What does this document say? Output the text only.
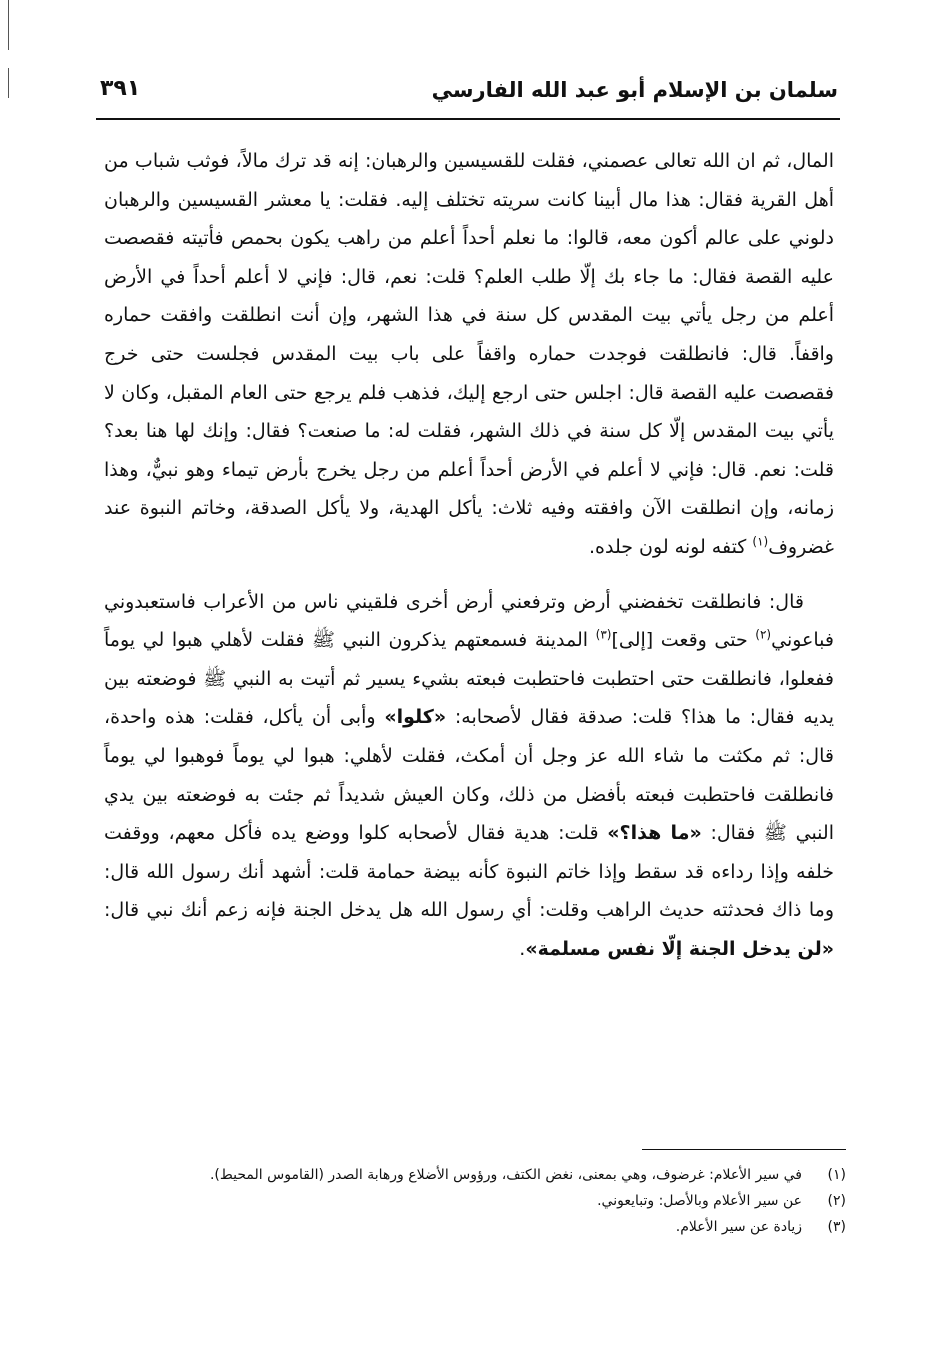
سلمان بن الإسلام أبو عبد الله الفارسي
٣٩١

المال، ثم ان الله تعالى عصمني، فقلت للقسيسين والرهبان: إنه قد ترك مالاً، فوثب شباب من أهل القرية فقال: هذا مال أبينا كانت سريته تختلف إليه. فقلت: يا معشر القسيسين والرهبان دلوني على عالم أكون معه، قالوا: ما نعلم أحداً أعلم من راهب يكون بحمص فأتيته فقصصت عليه القصة فقال: ما جاء بك إلّا طلب العلم؟ قلت: نعم، قال: فإني لا أعلم أحداً في الأرض أعلم من رجل يأتي بيت المقدس كل سنة في هذا الشهر، وإن أنت انطلقت وافقت حماره واقفاً. قال: فانطلقت فوجدت حماره واقفاً على باب بيت المقدس فجلست حتى خرج فقصصت عليه القصة قال: اجلس حتى ارجع إليك، فذهب فلم يرجع حتى العام المقبل، وكان لا يأتي بيت المقدس إلّا كل سنة في ذلك الشهر، فقلت له: ما صنعت؟ فقال: وإنك لها هنا بعد؟ قلت: نعم. قال: فإني لا أعلم في الأرض أحداً أعلم من رجل يخرج بأرض تيماء وهو نبيٌّ، وهذا زمانه، وإن انطلقت الآن وافقته وفيه ثلاث: يأكل الهدية، ولا يأكل الصدقة، وخاتم النبوة عند غضروف$^{(١)}$ كتفه لونه لون جلده.

قال: فانطلقت تخفضني أرض وترفعني أرض أخرى فلقيني ناس من الأعراب فاستعبدوني فباعوني$^{(٢)}$ حتى وقعت [إلى]$^{(٣)}$ المدينة فسمعتهم يذكرون النبي ﷺ فقلت لأهلي هبوا لي يوماً ففعلوا، فانطلقت حتى احتطبت فاحتطبت فبعته بشيء يسير ثم أتيت به النبي ﷺ فوضعته بين يديه فقال: ما هذا؟ قلت: صدقة فقال لأصحابه: «كلوا» وأبى أن يأكل، فقلت: هذه واحدة، قال: ثم مكثت ما شاء الله عز وجل أن أمكث، فقلت لأهلي: هبوا لي يوماً فوهبوا لي يوماً فانطلقت فاحتطبت فبعته بأفضل من ذلك، وكان العيش شديداً ثم جئت به فوضعته بين يدي النبي ﷺ فقال: «ما هذا؟» قلت: هدية فقال لأصحابه كلوا ووضع يده فأكل معهم، ووقفت خلفه وإذا رداءه قد سقط وإذا خاتم النبوة كأنه بيضة حمامة قلت: أشهد أنك رسول الله قال: وما ذاك فحدثته حديث الراهب وقلت: أي رسول الله هل يدخل الجنة فإنه زعم أنك نبي قال: «لن يدخل الجنة إلّا نفس مسلمة».

(١)
في سير الأعلام: غرضوف، وهي بمعنى، نغض الكتف، ورؤوس الأضلاع ورهابة الصدر (القاموس المحيط).
(٢)
عن سير الأعلام وبالأصل: وتبايعوني.
(٣)
زيادة عن سير الأعلام.
